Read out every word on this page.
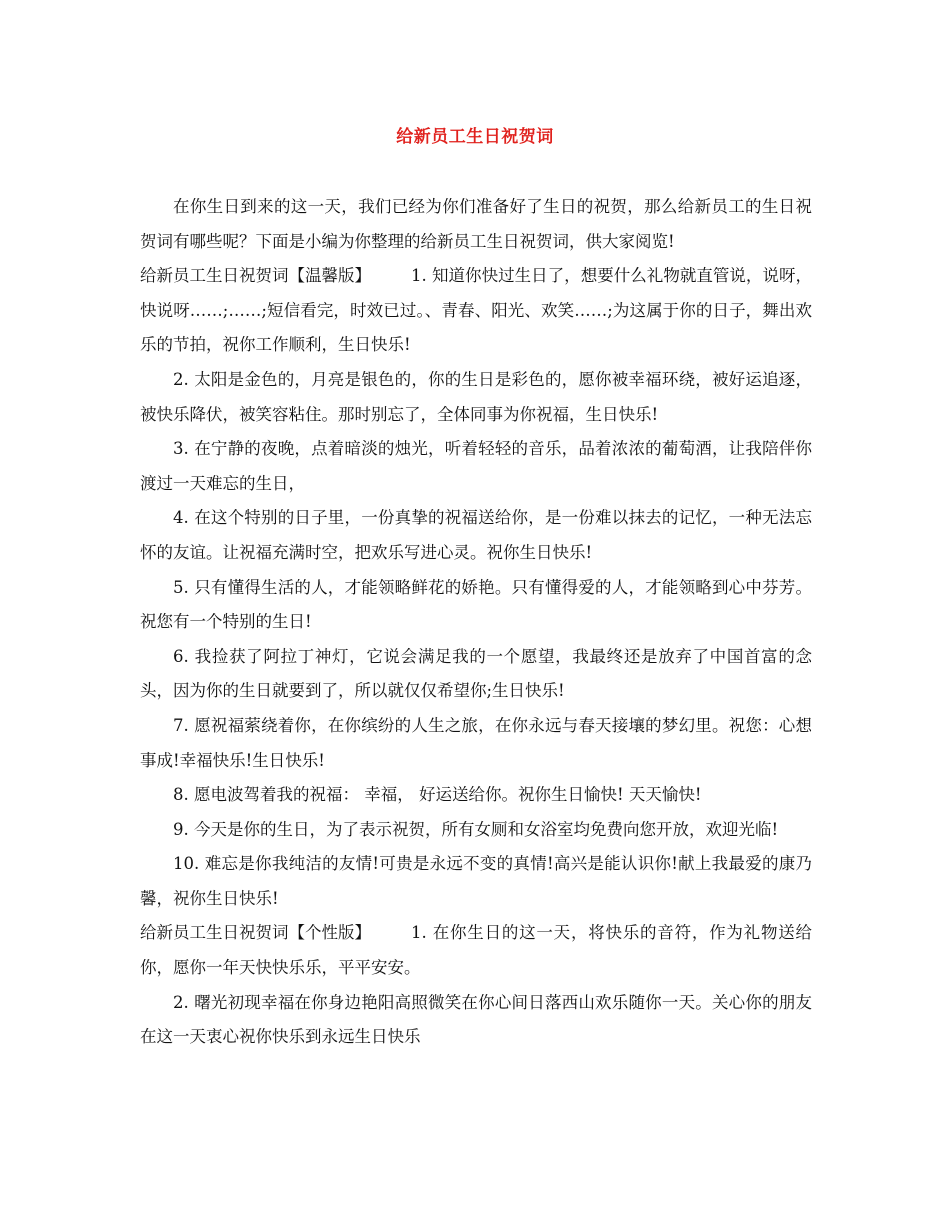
给新员工生日祝贺词

在你生日到来的这一天，我们已经为你们准备好了生日的祝贺，那么给新员工的生日祝贺词有哪些呢？下面是小编为你整理的给新员工生日祝贺词，供大家阅览!

给新员工生日祝贺词【温馨版】 1. 知道你快过生日了，想要什么礼物就直管说，说呀，快说呀……;……;短信看完，时效已过。、青春、阳光、欢笑……;为这属于你的日子，舞出欢乐的节拍，祝你工作顺利，生日快乐!

2. 太阳是金色的，月亮是银色的，你的生日是彩色的，愿你被幸福环绕，被好运追逐，被快乐降伏，被笑容粘住。那时别忘了，全体同事为你祝福，生日快乐!

3. 在宁静的夜晚，点着暗淡的烛光，听着轻轻的音乐，品着浓浓的葡萄酒，让我陪伴你渡过一天难忘的生日，

4. 在这个特别的日子里，一份真挚的祝福送给你，是一份难以抹去的记忆，一种无法忘怀的友谊。让祝福充满时空，把欢乐写进心灵。祝你生日快乐!

5. 只有懂得生活的人，才能领略鲜花的娇艳。只有懂得爱的人，才能领略到心中芬芳。祝您有一个特别的生日!

6. 我捡获了阿拉丁神灯，它说会满足我的一个愿望，我最终还是放弃了中国首富的念头，因为你的生日就要到了，所以就仅仅希望你;生日快乐!

7. 愿祝福萦绕着你，在你缤纷的人生之旅，在你永远与春天接壤的梦幻里。祝您：心想事成!幸福快乐!生日快乐!

8. 愿电波驾着我的祝福： 幸福， 好运送给你。祝你生日愉快! 天天愉快!

9. 今天是你的生日，为了表示祝贺，所有女厕和女浴室均免费向您开放，欢迎光临!

10. 难忘是你我纯洁的友情!可贵是永远不变的真情!高兴是能认识你!献上我最爱的康乃馨，祝你生日快乐!

给新员工生日祝贺词【个性版】 1. 在你生日的这一天，将快乐的音符，作为礼物送给你，愿你一年天快快乐乐，平平安安。

2. 曙光初现幸福在你身边艳阳高照微笑在你心间日落西山欢乐随你一天。关心你的朋友在这一天衷心祝你快乐到永远生日快乐
